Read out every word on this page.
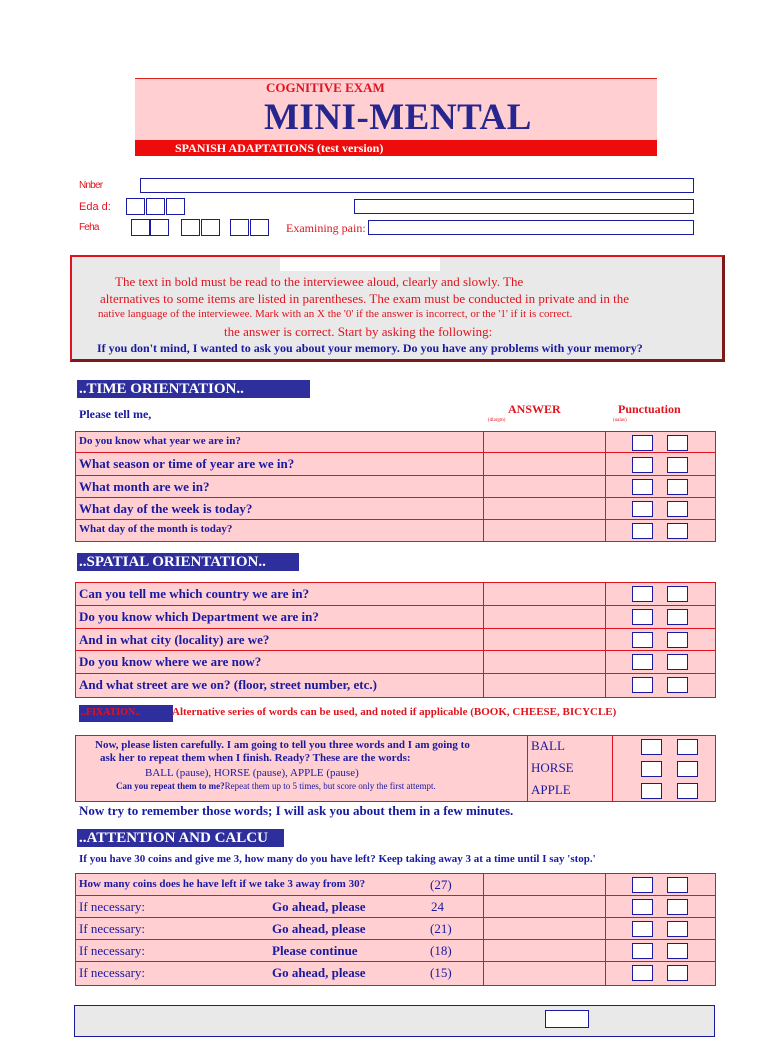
COGNITIVE EXAM
MINI-MENTAL
SPANISH ADAPTATIONS (test version)
Nnber
Eda d:
Feha	Examining pain:
The text in bold must be read to the interviewee aloud, clearly and slowly. The
alternatives to some items are listed in parentheses. The exam must be conducted in private and in the
native language of the interviewee. Mark with an X the '0' if the answer is incorrect, or the '1' if it is correct.
the answer is correct. Start by asking the following:
If you don't mind, I wanted to ask you about your memory. Do you have any problems with your memory?
..TIME ORIENTATION..
Please tell me,	ANSWER
(dlargm)
Punctuation
(ualas)
Do you know what year we are in?
What season or time of year are we in?
What month are we in?
What day of the week is today?
What day of the month is today?
..SPATIAL ORIENTATION..
Can you tell me which country we are in?
Do you know which Department we are in?
And in what city (locality) are we?
Do you know where we are now?
And what street are we on? (floor, street number, etc.)
..FIXATION..	Alternative series of words can be used, and noted if applicable (BOOK, CHEESE, BICYCLE)
Now, please listen carefully. I am going to tell you three words and I am going to
ask her to repeat them when I finish. Ready? These are the words:
BALL (pause), HORSE (pause), APPLE (pause)
Can you repeat them to me?Repeat them up to 5 times, but score only the first attempt.
BALL
HORSE
APPLE
Now try to remember those words; I will ask you about them in a few minutes.
..ATTENTION AND CALCU
If you have 30 coins and give me 3, how many do you have left? Keep taking away 3 at a time until I say 'stop.'
How many coins does he have left if we take 3 away from 30?	(27)
If necessary:	Go ahead, please	24
If necessary:	Go ahead, please	(21)
If necessary:	Please continue	(18)
If necessary:	Go ahead, please	(15)
